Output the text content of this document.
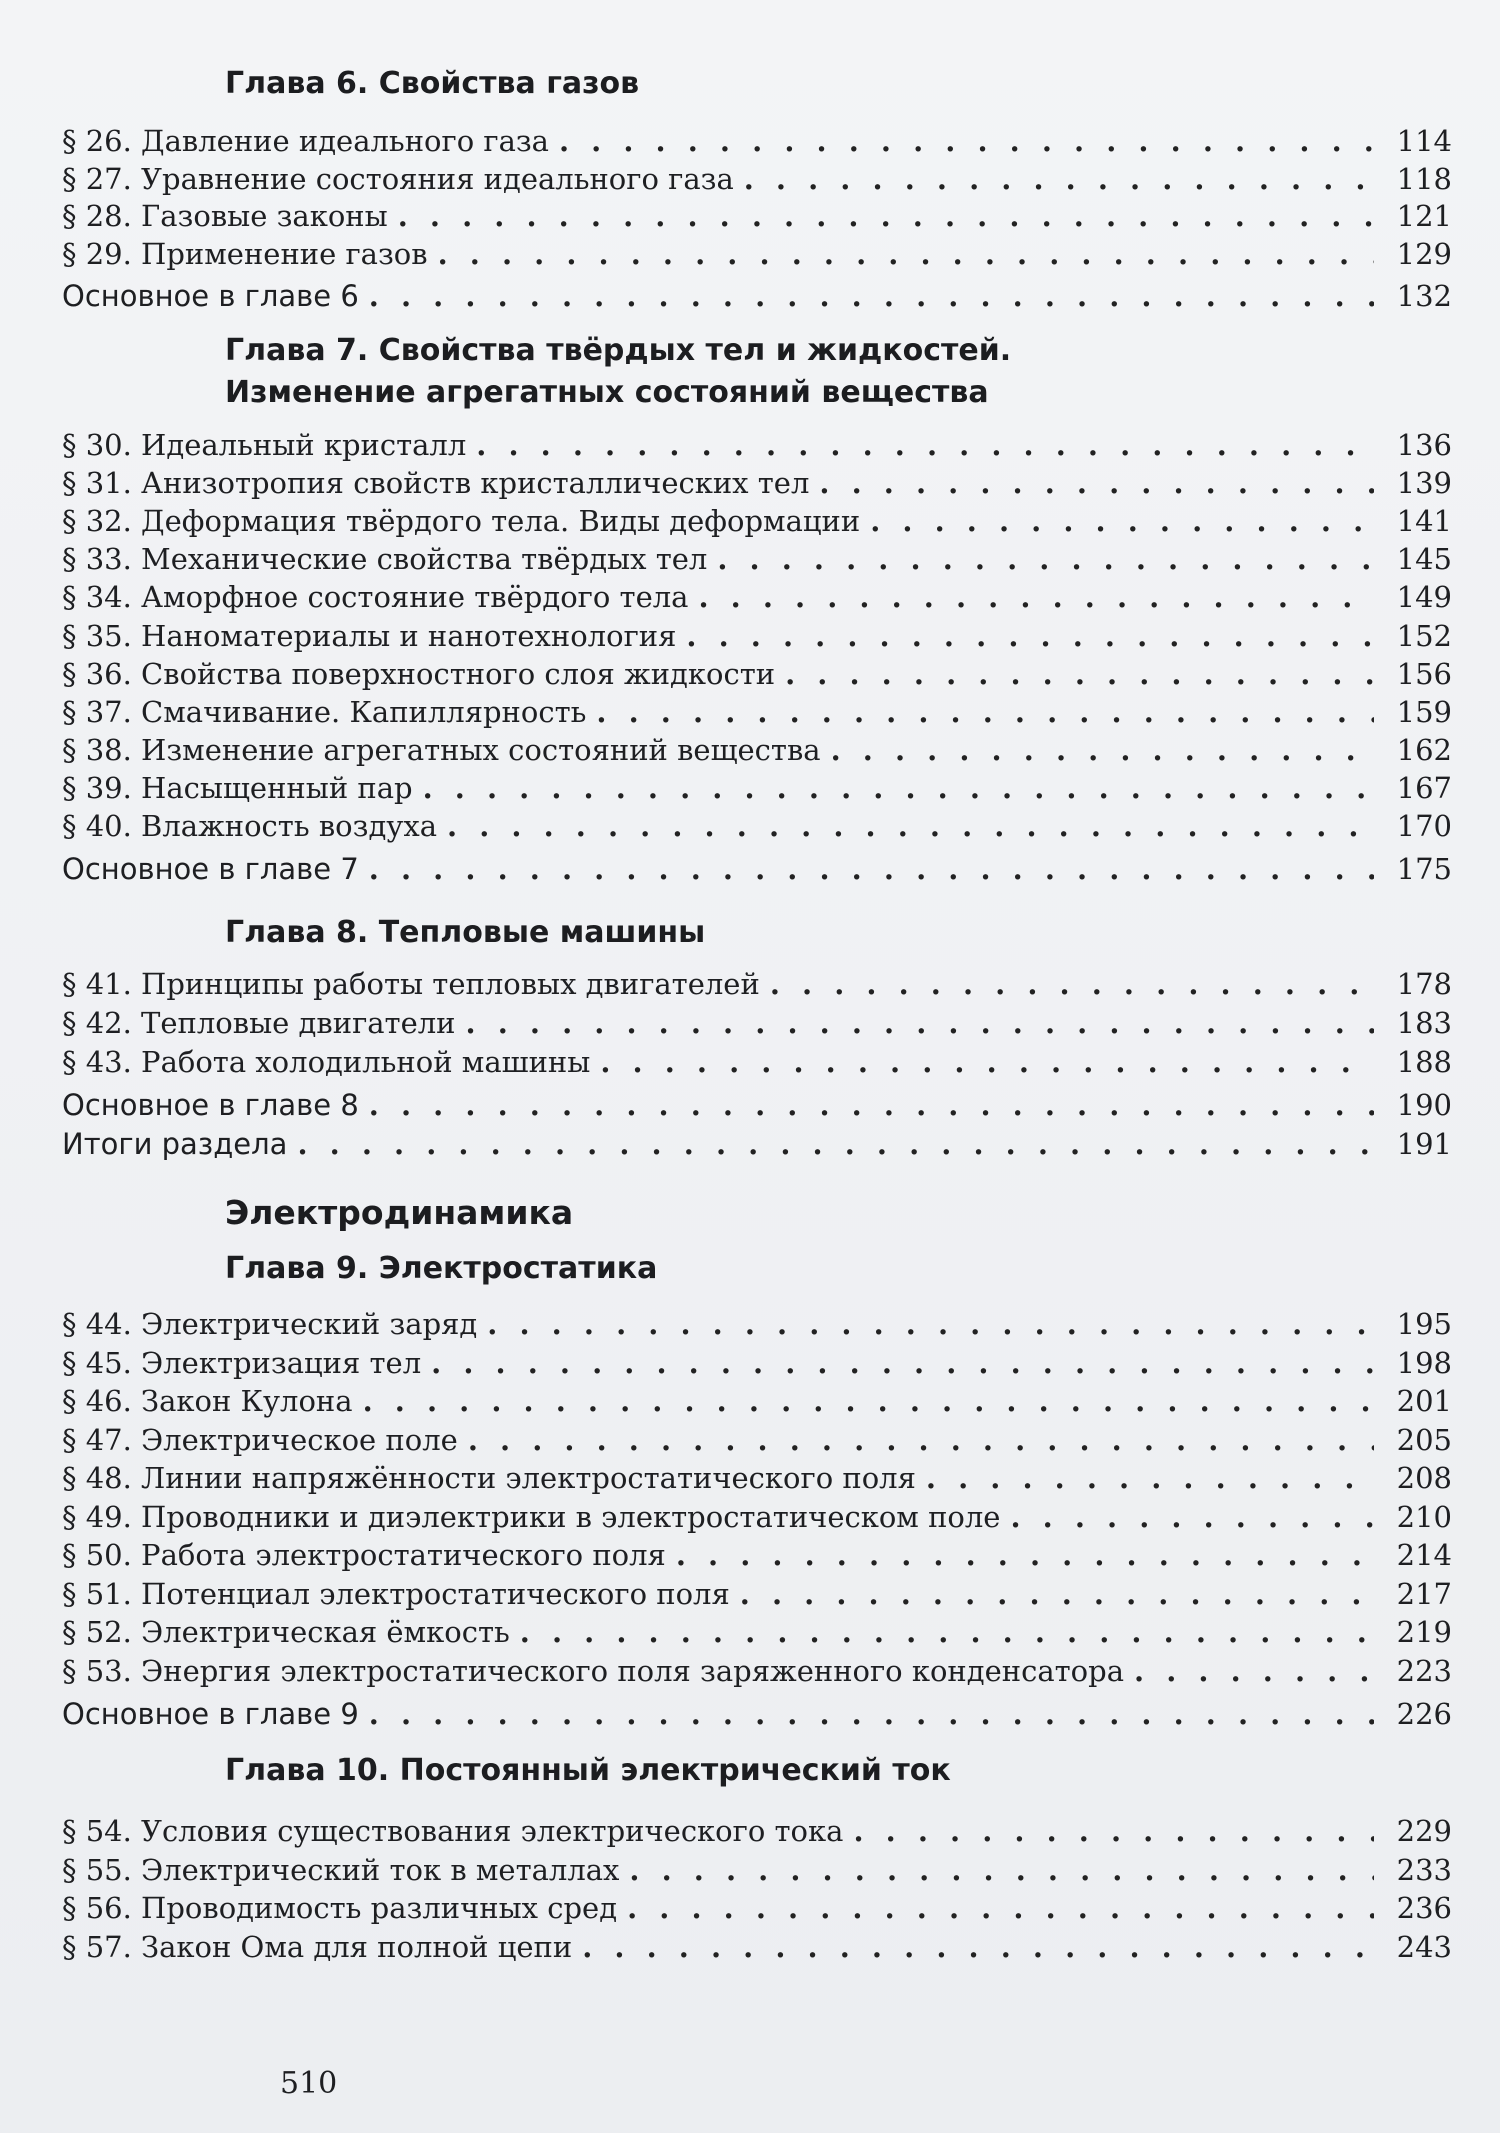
Глава 6. Свойства газов
Глава 7. Свойства твёрдых тел и жидкостей.
Изменение агрегатных состояний вещества
Глава 8. Тепловые машины
Электродинамика
Глава 9. Электростатика
Глава 10. Постоянный электрический ток
§ 26. Давление идеального газа . . .	114
§ 27. Уравнение состояния идеального газа . . .	118
§ 28. Газовые законы . . .	121
§ 29. Применение газов . . .	129
Основное в главе 6 . . .	132
§ 30. Идеальный кристалл . . .	136
§ 31. Анизотропия свойств кристаллических тел . . .	139
§ 32. Деформация твёрдого тела. Виды деформации . . .	141
§ 33. Механические свойства твёрдых тел . . .	145
§ 34. Аморфное состояние твёрдого тела . . .	149
§ 35. Наноматериалы и нанотехнология . . .	152
§ 36. Свойства поверхностного слоя жидкости . . .	156
§ 37. Смачивание. Капиллярность . . .	159
§ 38. Изменение агрегатных состояний вещества . . .	162
§ 39. Насыщенный пар . . .	167
§ 40. Влажность воздуха . . .	170
Основное в главе 7 . . .	175
§ 41. Принципы работы тепловых двигателей . . .	178
§ 42. Тепловые двигатели . . .	183
§ 43. Работа холодильной машины . . .	188
Основное в главе 8 . . .	190
Итоги раздела . . .	191
§ 44. Электрический заряд . . .	195
§ 45. Электризация тел . . .	198
§ 46. Закон Кулона . . .	201
§ 47. Электрическое поле . . .	205
§ 48. Линии напряжённости электростатического поля . . .	208
§ 49. Проводники и диэлектрики в электростатическом поле . . .	210
§ 50. Работа электростатического поля . . .	214
§ 51. Потенциал электростатического поля . . .	217
§ 52. Электрическая ёмкость . . .	219
§ 53. Энергия электростатического поля заряженного конденсатора . . .	223
Основное в главе 9 . . .	226
§ 54. Условия существования электрического тока . . .	229
§ 55. Электрический ток в металлах . . .	233
§ 56. Проводимость различных сред . . .	236
§ 57. Закон Ома для полной цепи . . .	243
510
